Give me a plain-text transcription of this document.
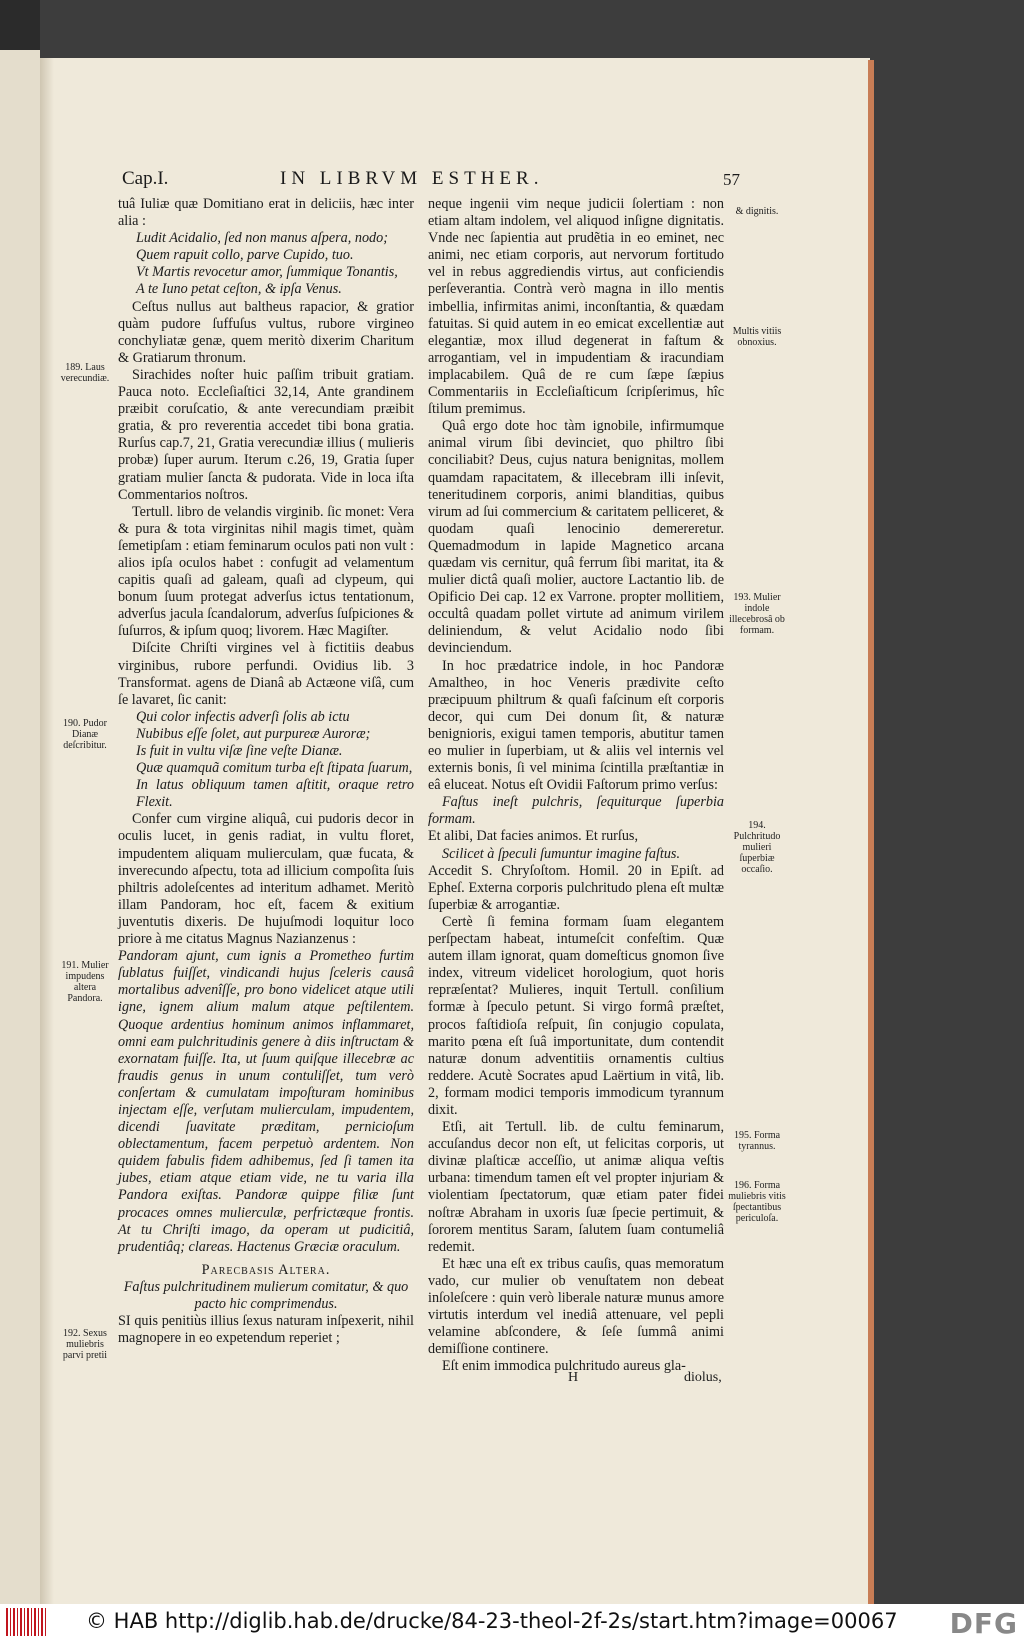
Cap.I.	IN LIBRVM ESTHER.	57

tuâ Iuliæ quæ Domitiano erat in deliciis, hæc inter alia :

Ludit Acidalio, ſed non manus aſpera, nodo;

Quem rapuit collo, parve Cupido, tuo.

Vt Martis revocetur amor, ſummique Tonantis,

A te Iuno petat ceſton, & ipſa Venus.

Ceſtus nullus aut baltheus rapacior, & gratior quàm pudore ſuffuſus vultus, rubore virgineo conchyliatæ genæ, quem meritò dixerim Charitum & Gratiarum thronum.

Sirachides noſter huic paſſim tribuit gratiam. Pauca noto. Eccleſiaſtici 32,14, Ante grandinem præibit coruſcatio, & ante verecundiam præibit gratia, & pro reverentia accedet tibi bona gratia. Rurſus cap.7, 21, Gratia verecundiæ illius ( mulieris probæ) ſuper aurum. Iterum c.26, 19, Gratia ſuper gratiam mulier ſancta & pudorata. Vide in loca iſta Commentarios noſtros.

Tertull. libro de velandis virginib. ſic monet: Vera & pura & tota virginitas nihil magis timet, quàm ſemetipſam : etiam feminarum oculos pati non vult : alios ipſa oculos habet : confugit ad velamentum capitis quaſi ad galeam, quaſi ad clypeum, qui bonum ſuum protegat adverſus ictus tentationum, adverſus jacula ſcandalorum, adverſus ſuſpiciones & ſuſurros, & ipſum quoq; livorem. Hæc Magiſter.

Diſcite Chriſti virgines vel à fictitiis deabus virginibus, rubore perfundi. Ovidius lib. 3 Transformat. agens de Dianâ ab Actæone viſâ, cum ſe lavaret, ſic canit:

Qui color infectis adverſi ſolis ab ictu

Nubibus eſſe ſolet, aut purpureæ Auroræ;

Is fuit in vultu viſæ ſine veſte Dianæ.

Quæ quamquã comitum turba eſt ſtipata ſuarum,

In latus obliquum tamen aſtitit, oraque retro Flexit.

Confer cum virgine aliquâ, cui pudoris decor in oculis lucet, in genis radiat, in vultu floret, impudentem aliquam mulierculam, quæ fucata, & inverecundo aſpectu, tota ad illicium compoſita ſuis philtris adoleſcentes ad interitum adhamet. Meritò illam Pandoram, hoc eſt, facem & exitium juventutis dixeris. De hujuſmodi loquitur loco priore à me citatus Magnus Nazianzenus :

Pandoram ajunt, cum ignis a Prometheo furtim ſublatus fuiſſet, vindicandi hujus ſceleris causâ mortalibus advenîſſe, pro bono videlicet atque utili igne, ignem alium malum atque peſtilentem. Quoque ardentius hominum animos inflammaret, omni eam pulchritudinis genere à diis inſtructam & exornatam fuiſſe. Ita, ut ſuum quiſque illecebræ ac fraudis genus in unum contuliſſet, tum verò conſertam & cumulatam impoſturam hominibus injectam eſſe, verſutam mulierculam, impudentem, dicendi ſuavitate præditam, pernicioſum oblectamentum, facem perpetuò ardentem. Non quidem fabulis fidem adhibemus, ſed ſi tamen ita jubes, etiam atque etiam vide, ne tu varia illa Pandora exiſtas. Pandoræ quippe filiæ ſunt procaces omnes mulierculæ, perfrictæque frontis. At tu Chriſti imago, da operam ut pudicitiâ, prudentiâq; clareas. Hactenus Græciæ oraculum.

Parecbasis Altera.

Faſtus pulchritudinem mulierum comitatur, & quo pacto hic comprimendus.

SI quis penitiùs illius ſexus naturam inſpexerit, nihil magnopere in eo expetendum reperiet ;

neque ingenii vim neque judicii ſolertiam : non etiam altam indolem, vel aliquod inſigne dignitatis. Vnde nec ſapientia aut prudẽtia in eo eminet, nec animi, nec etiam corporis, aut nervorum fortitudo vel in rebus aggrediendis virtus, aut conficiendis perſeverantia. Contrà verò magna in illo mentis imbellia, infirmitas animi, inconſtantia, & quædam fatuitas. Si quid autem in eo emicat excellentiæ aut elegantiæ, mox illud degenerat in faſtum & arrogantiam, vel in impudentiam & iracundiam implacabilem. Quâ de re cum ſæpe ſæpius Commentariis in Eccleſiaſticum ſcripſerimus, hîc ſtilum premimus.

Quâ ergo dote hoc tàm ignobile, infirmumque animal virum ſibi devinciet, quo philtro ſibi conciliabit? Deus, cujus natura benignitas, mollem quamdam rapacitatem, & illecebram illi inſevit, teneritudinem corporis, animi blanditias, quibus virum ad ſui commercium & caritatem pelliceret, & quodam quaſi lenocinio demereretur. Quemadmodum in lapide Magnetico arcana quædam vis cernitur, quâ ferrum ſibi maritat, ita & mulier dictâ quaſi molier, auctore Lactantio lib. de Opificio Dei cap. 12 ex Varrone. propter mollitiem, occultâ quadam pollet virtute ad animum virilem deliniendum, & velut Acidalio nodo ſibi devinciendum.

In hoc prædatrice indole, in hoc Pandoræ Amaltheo, in hoc Veneris prædivite ceſto præcipuum philtrum & quaſi faſcinum eſt corporis decor, qui cum Dei donum ſit, & naturæ benignioris, exigui tamen temporis, abutitur tamen eo mulier in ſuperbiam, ut & aliis vel internis vel externis bonis, ſi vel minima ſcintilla præſtantiæ in eâ eluceat. Notus eſt Ovidii Faſtorum primo verſus:

Faſtus ineſt pulchris, ſequiturque ſuperbia formam.

Et alibi, Dat facies animos. Et rurſus,

Scilicet à ſpeculi ſumuntur imagine faſtus.

Accedit S. Chryſoſtom. Homil. 20 in Epiſt. ad Epheſ. Externa corporis pulchritudo plena eſt multæ ſuperbiæ & arrogantiæ.

Certè ſi femina formam ſuam elegantem perſpectam habeat, intumeſcit confeſtim. Quæ autem illam ignorat, quam domeſticus gnomon ſive index, vitreum videlicet horologium, quot horis repræſentat? Mulieres, inquit Tertull. conſilium formæ à ſpeculo petunt. Si virgo formâ præſtet, procos faſtidioſa reſpuit, ſin conjugio copulata, marito pœna eſt ſuâ importunitate, dum contendit naturæ donum adventitiis ornamentis cultius reddere. Acutè Socrates apud Laërtium in vitâ, lib. 2, formam modici temporis immodicum tyrannum dixit.

Etſi, ait Tertull. lib. de cultu feminarum, accuſandus decor non eſt, ut felicitas corporis, ut divinæ plaſticæ acceſſio, ut animæ aliqua veſtis urbana: timendum tamen eſt vel propter injuriam & violentiam ſpectatorum, quæ etiam pater fidei noſtræ Abraham in uxoris ſuæ ſpecie pertimuit, & ſororem mentitus Saram, ſalutem ſuam contumeliâ redemit.

Et hæc una eſt ex tribus cauſis, quas memoratum vado, cur mulier ob venuſtatem non debeat inſoleſcere : quin verò liberale naturæ munus amore virtutis interdum vel inediâ attenuare, vel pepli velamine abſcondere, & ſeſe ſummâ animi demiſſione continere.

Eſt enim immodica pulchritudo aureus gla-

H	diolus,
189. Laus verecundiæ.
190. Pudor Dianæ deſcribitur.
191. Mulier impudens altera Pandora.
192. Sexus muliebris parvi pretii
& dignitis.
Multis vitiis obnoxius.
193. Mulier indole illecebrosâ ob formam.
194. Pulchritudo mulieri ſuperbiæ occaſio.
195. Forma tyrannus.
196. Forma muliebris vitis ſpectantibus periculoſa.
© HAB http://diglib.hab.de/drucke/84-23-theol-2f-2s/start.htm?image=00067 DFG
